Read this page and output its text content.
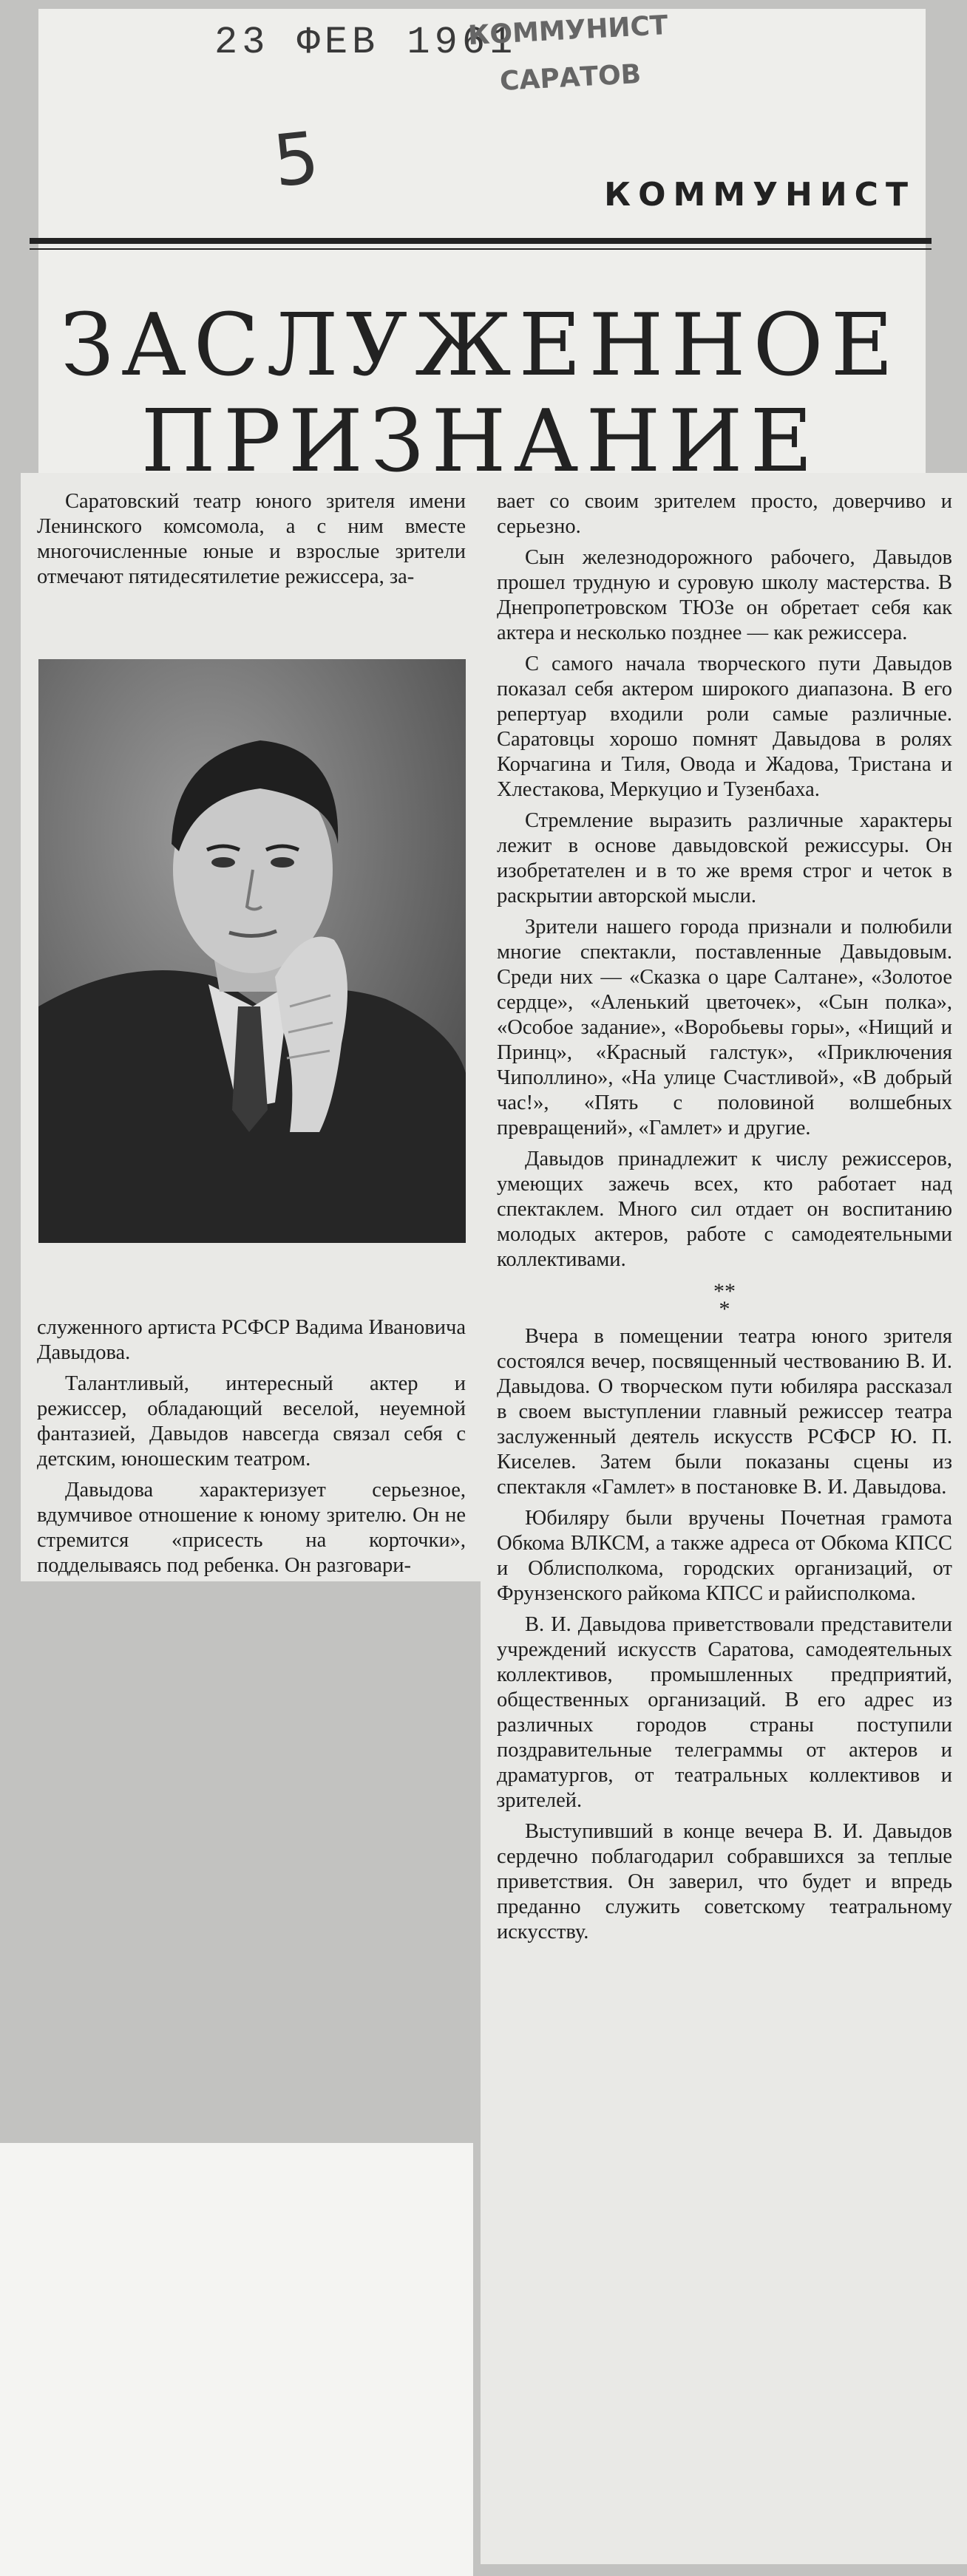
23 ФЕВ 1961
КОММУНИСТ
САРАТОВ
5	КОММУНИСТ
ЗАСЛУЖЕННОЕ
ПРИЗНАНИЕ

Саратовский театр юного зрителя имени Ленинского комсомола, а с ним вместе многочисленные юные и взрослые зрители отмечают пятидесятилетие режиссера, за-

служенного артиста РСФСР Вадима Ивановича Давыдова.

Талантливый, интересный актер и режиссер, обладающий веселой, неуемной фантазией, Давыдов навсегда связал себя с детским, юношеским театром.

Давыдова характеризует серьезное, вдумчивое отношение к юному зрителю. Он не стремится «присесть на корточки», подделываясь под ребенка. Он разговари-

вает со своим зрителем просто, доверчиво и серьезно.

Сын железнодорожного рабочего, Давыдов прошел трудную и суровую школу мастерства. В Днепропетровском ТЮЗе он обретает себя как актера и несколько позднее — как режиссера.

С самого начала творческого пути Давыдов показал себя актером широкого диапазона. В его репертуар входили роли самые различные. Саратовцы хорошо помнят Давыдова в ролях Корчагина и Тиля, Овода и Жадова, Тристана и Хлестакова, Меркуцио и Тузенбаха.

Стремление выразить различные характеры лежит в основе давыдовской режиссуры. Он изобретателен и в то же время строг и четок в раскрытии авторской мысли.

Зрители нашего города признали и полюбили многие спектакли, поставленные Давыдовым. Среди них — «Сказка о царе Салтане», «Золотое сердце», «Аленький цветочек», «Сын полка», «Особое задание», «Воробьевы горы», «Нищий и Принц», «Красный галстук», «Приключения Чиполлино», «На улице Счастливой», «В добрый час!», «Пять с половиной волшебных превращений», «Гамлет» и другие.

Давыдов принадлежит к числу режиссеров, умеющих зажечь всех, кто работает над спектаклем. Много сил отдает он воспитанию молодых актеров, работе с самодеятельными коллективами.

**
*

Вчера в помещении театра юного зрителя состоялся вечер, посвященный чествованию В. И. Давыдова. О творческом пути юбиляра рассказал в своем выступлении главный режиссер театра заслуженный деятель искусств РСФСР Ю. П. Киселев. Затем были показаны сцены из спектакля «Гамлет» в постановке В. И. Давыдова.

Юбиляру были вручены Почетная грамота Обкома ВЛКСМ, а также адреса от Обкома КПСС и Облисполкома, городских организаций, от Фрунзенского райкома КПСС и райисполкома.

В. И. Давыдова приветствовали представители учреждений искусств Саратова, самодеятельных коллективов, промышленных предприятий, общественных организаций. В его адрес из различных городов страны поступили поздравительные телеграммы от актеров и драматургов, от театральных коллективов и зрителей.

Выступивший в конце вечера В. И. Давыдов сердечно поблагодарил собравшихся за теплые приветствия. Он заверил, что будет и впредь преданно служить советскому театральному искусству.
